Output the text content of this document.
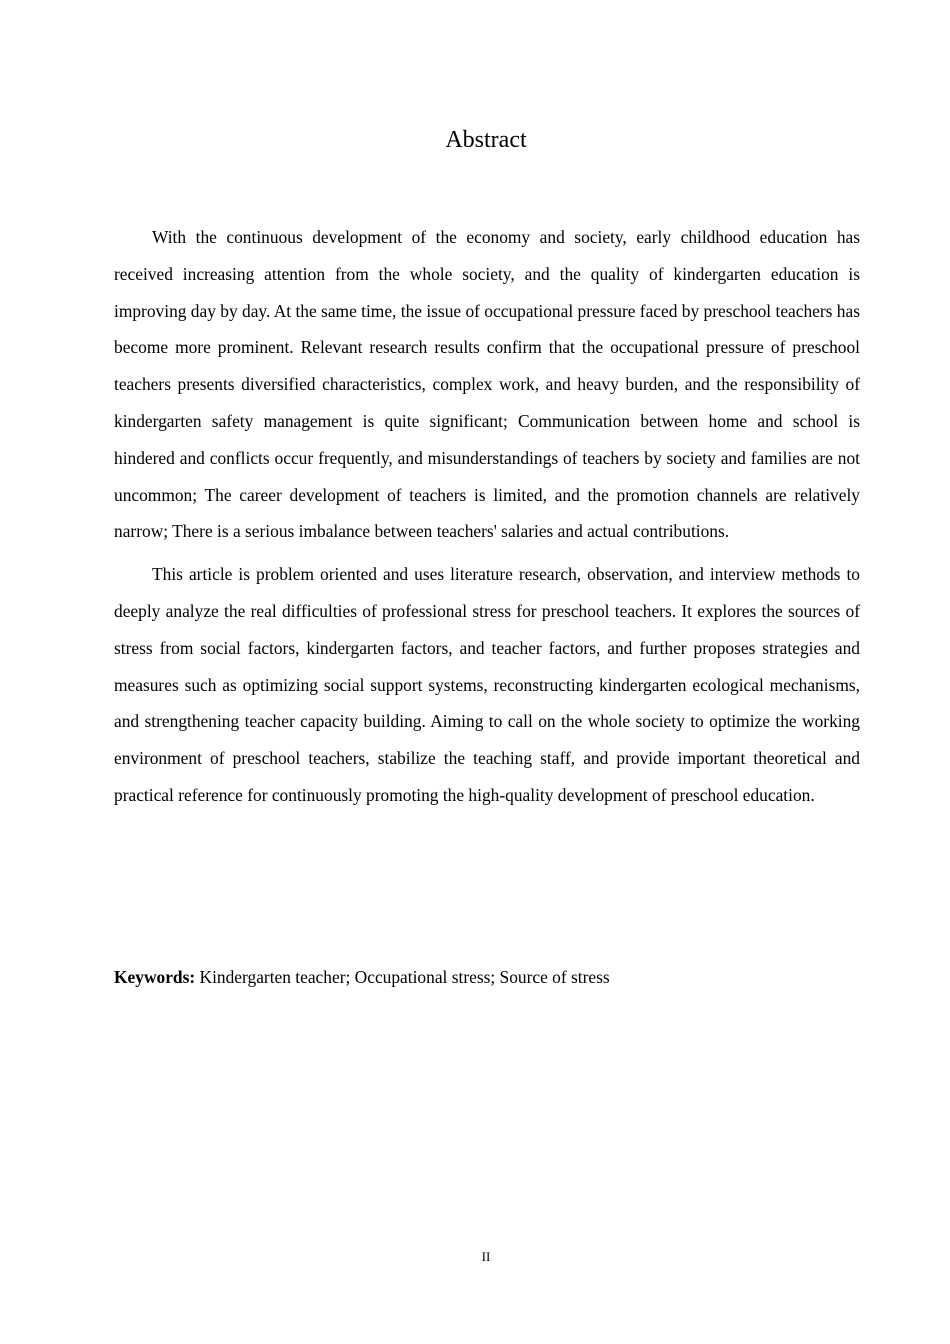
Abstract

With the continuous development of the economy and society, early childhood education has received increasing attention from the whole society, and the quality of kindergarten education is improving day by day. At the same time, the issue of occupational pressure faced by preschool teachers has become more prominent. Relevant research results confirm that the occupational pressure of preschool teachers presents diversified characteristics, complex work, and heavy burden, and the responsibility of kindergarten safety management is quite significant; Communication between home and school is hindered and conflicts occur frequently, and misunderstandings of teachers by society and families are not uncommon; The career development of teachers is limited, and the promotion channels are relatively narrow; There is a serious imbalance between teachers' salaries and actual contributions.

This article is problem oriented and uses literature research, observation, and interview methods to deeply analyze the real difficulties of professional stress for preschool teachers. It explores the sources of stress from social factors, kindergarten factors, and teacher factors, and further proposes strategies and measures such as optimizing social support systems, reconstructing kindergarten ecological mechanisms, and strengthening teacher capacity building. Aiming to call on the whole society to optimize the working environment of preschool teachers, stabilize the teaching staff, and provide important theoretical and practical reference for continuously promoting the high-quality development of preschool education.

Keywords: Kindergarten teacher; Occupational stress; Source of stress

II
